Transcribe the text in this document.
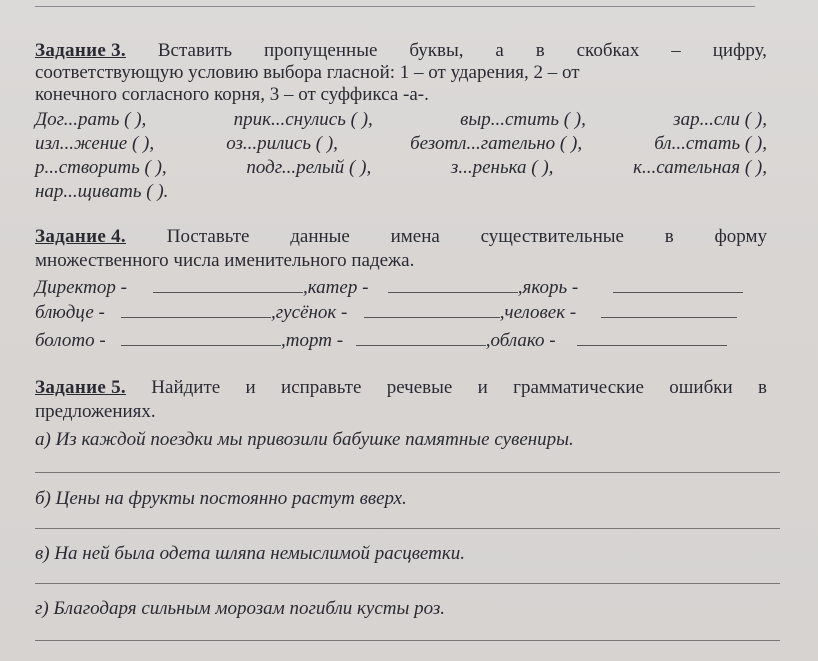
Задание 3. Вставить пропущенные буквы, а в скобках – цифру,
соответствующую условию выбора гласной: 1 – от ударения, 2 – от
конечного согласного корня, 3 – от суффикса -а-.
Дог...рать ( ),	прик...снулись ( ),	выр...стить ( ),	зар...сли ( ),
изл...жение ( ),	оз...рились ( ),	безотл...гательно ( ),	бл...стать ( ),
р...створить ( ),	подг...релый ( ),	з...ренька ( ),	к...сательная ( ),
нар...щивать ( ).
Задание 4. Поставьте данные имена существительные в форму
множественного числа именительного падежа.
Директор -	,катер -	,якорь -
блюдце -	,гусёнок -	,человек -
болото -	,торт -	,облако -
Задание 5. Найдите и исправьте речевые и грамматические ошибки в
предложениях.
а) Из каждой поездки мы привозили бабушке памятные сувениры.
б) Цены на фрукты постоянно растут вверх.
в) На ней была одета шляпа немыслимой расцветки.
г) Благодаря сильным морозам погибли кусты роз.
